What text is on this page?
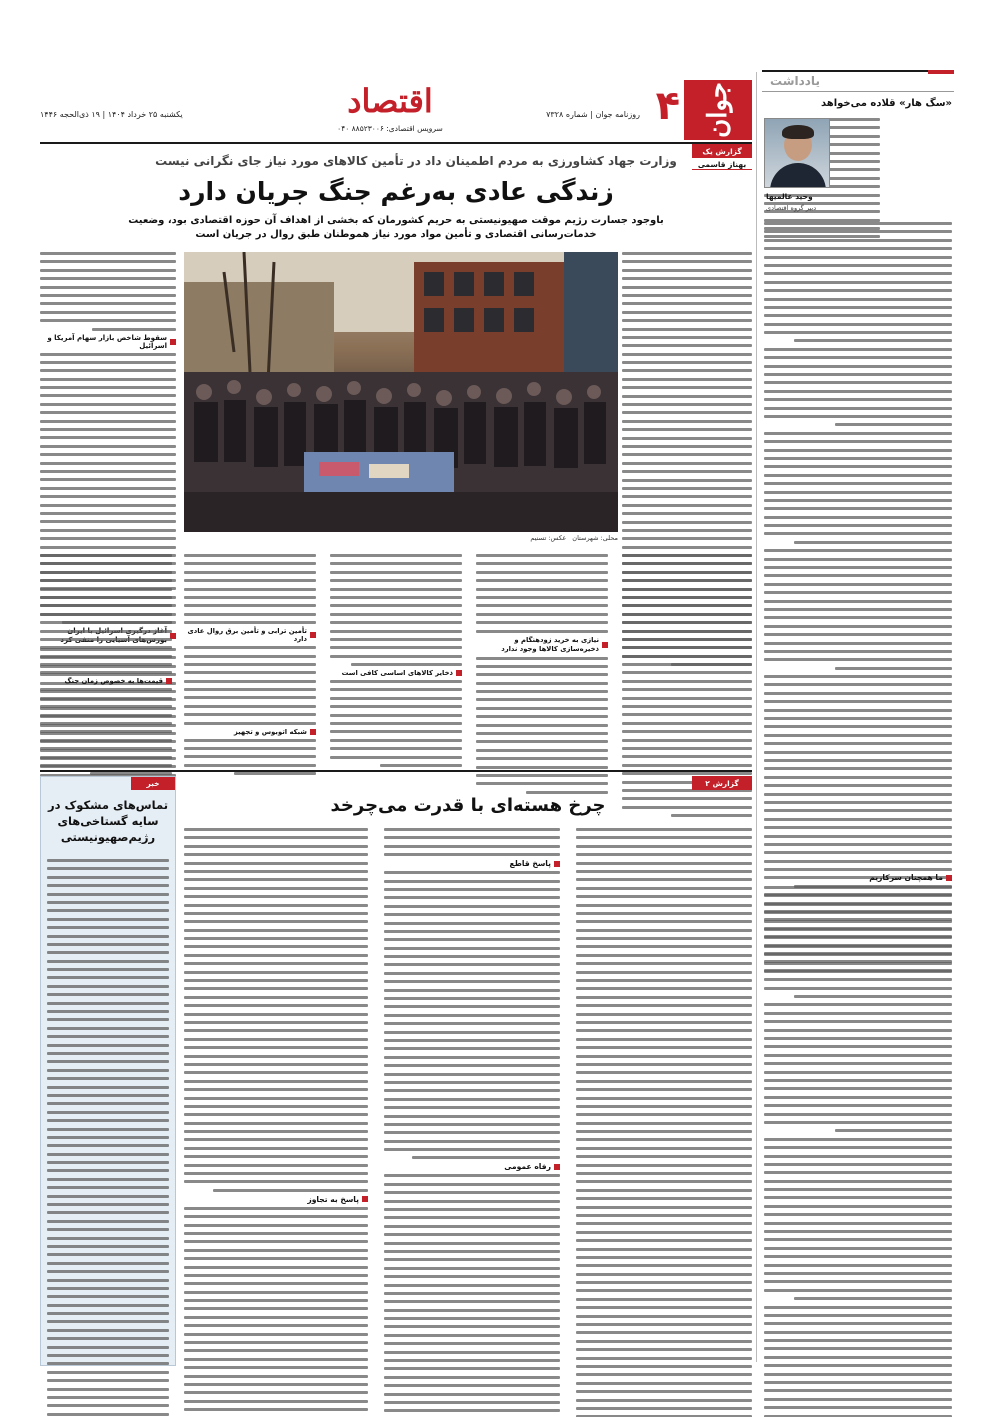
جوان
۴
روزنامه جوان | شماره ۷۳۲۸
اقتصاد
سرویس اقتصادی: ۸۸۵۲۳۰۰۶ ۰۴۰
یکشنبه ۲۵ خرداد ۱۴۰۴ | ۱۹ ذی‌الحجه ۱۴۴۶
یادداشت
«سگ‌ هار» قلاده می‌خواهد
وحید عالمیها
دبیر گروه اقتصادی
ما همچنان سرکاریم
گزارش یک
بهناز قاسمی
وزارت جهاد کشاورزی به مردم اطمینان داد در تأمین کالاهای مورد نیاز جای نگرانی نیست
زندگی عادی به‌رغم جنگ جریان دارد
باوجود جسارت رژیم موقت صهیونیستی به حریم کشورمان که بخشی از اهداف آن حوزه اقتصادی بود، وضعیت خدمات‌رسانی اقتصادی و تأمین مواد مورد نیاز همو‌طنان طبق روال در جریان است
محلی: شهرستان
عکس: تسنیم
سقوط شاخص بازار سهام آمریکا و اسرائیل
نیازی به خرید زودهنگام و ذخیره‌سازی کالاها وجود ندارد
ذخایر کالاهای اساسی کافی است
تأمین ترابی و تأمین برق روال عادی دارد
شبکه اتوبوس و تجهیز
قیمت‌ها به خصوص زمان جنگ
گزارش ۲
چرخ هسته‌ای با قدرت می‌چرخد
پاسخ قاطع
رفاه عمومی
پاسخ به تجاوز
خبر
تماس‌های مشکوک در سایه گستاخی‌های رژیم‌صهیونیستی
